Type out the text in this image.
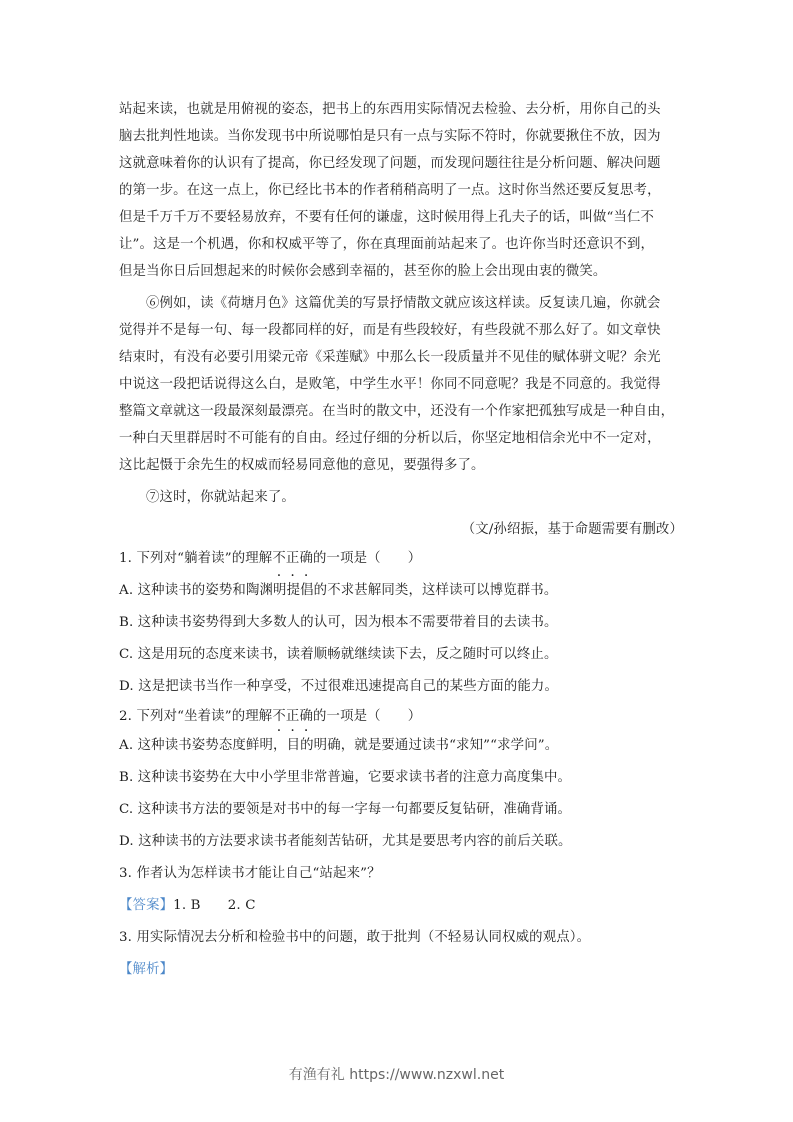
站起来读，也就是用俯视的姿态，把书上的东西用实际情况去检验、去分析，用你自己的头
脑去批判性地读。当你发现书中所说哪怕是只有一点与实际不符时，你就要揪住不放，因为
这就意味着你的认识有了提高，你已经发现了问题，而发现问题往往是分析问题、解决问题
的第一步。在这一点上，你已经比书本的作者稍稍高明了一点。这时你当然还要反复思考，
但是千万千万不要轻易放弃，不要有任何的谦虚，这时候用得上孔夫子的话，叫做“当仁不
让”。这是一个机遇，你和权威平等了，你在真理面前站起来了。也许你当时还意识不到，
但是当你日后回想起来的时候你会感到幸福的，甚至你的脸上会出现由衷的微笑。
⑥例如，读《荷塘月色》这篇优美的写景抒情散文就应该这样读。反复读几遍，你就会
觉得并不是每一句、每一段都同样的好，而是有些段较好，有些段就不那么好了。如文章快
结束时，有没有必要引用梁元帝《采莲赋》中那么长一段质量并不见佳的赋体骈文呢？余光
中说这一段把话说得这么白，是败笔，中学生水平！你同不同意呢？我是不同意的。我觉得
整篇文章就这一段最深刻最漂亮。在当时的散文中，还没有一个作家把孤独写成是一种自由，
一种白天里群居时不可能有的自由。经过仔细的分析以后，你坚定地相信余光中不一定对，
这比起慑于余先生的权威而轻易同意他的意见，要强得多了。
⑦这时，你就站起来了。
（文/孙绍振，基于命题需要有删改）
1. 下列对“躺着读”的理解不正确的一项是（　　）
A. 这种读书的姿势和陶渊明提倡的不求甚解同类，这样读可以博览群书。
B. 这种读书姿势得到大多数人的认可，因为根本不需要带着目的去读书。
C. 这是用玩的态度来读书，读着顺畅就继续读下去，反之随时可以终止。
D. 这是把读书当作一种享受，不过很难迅速提高自己的某些方面的能力。
2. 下列对“坐着读”的理解不正确的一项是（　　）
A. 这种读书姿势态度鲜明，目的明确，就是要通过读书“求知”“求学问”。
B. 这种读书姿势在大中小学里非常普遍，它要求读书者的注意力高度集中。
C. 这种读书方法的要领是对书中的每一字每一句都要反复钻研，准确背诵。
D. 这种读书的方法要求读书者能刻苦钻研，尤其是要思考内容的前后关联。
3. 作者认为怎样读书才能让自己“站起来”？
【答案】1. B　　2. C
3. 用实际情况去分析和检验书中的问题，敢于批判（不轻易认同权威的观点）。
【解析】
有渔有礼 https://www.nzxwl.net
